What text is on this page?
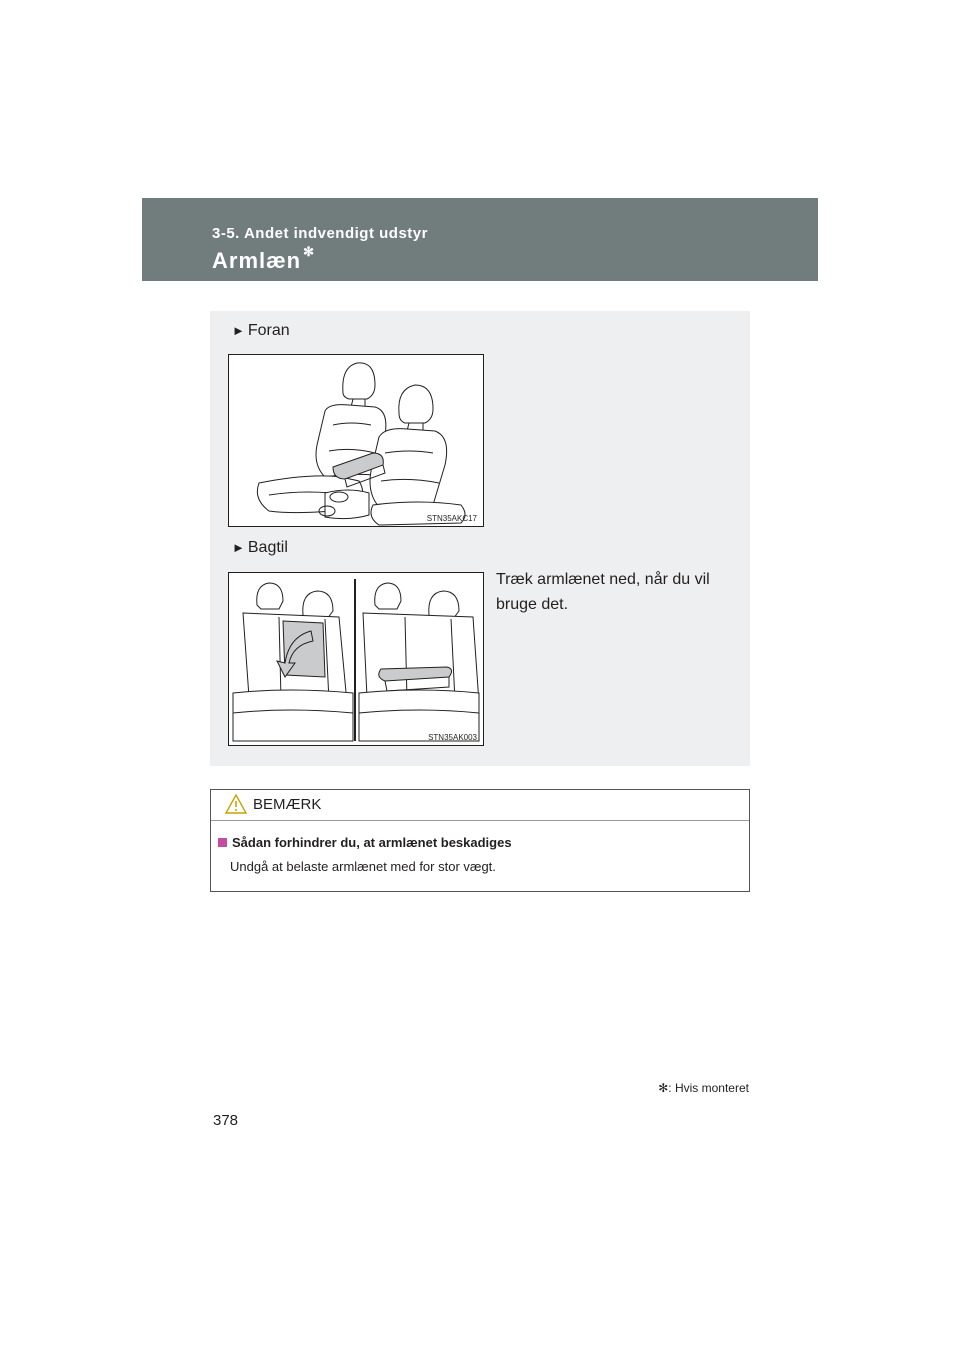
3-5. Andet indvendigt udstyr
Armlæn ✻
► Foran
STN35AKC17
► Bagtil
STN35AK003
Træk armlænet ned, når du vil bruge det.
BEMÆRK
Sådan forhindrer du, at armlænet beskadiges
Undgå at belaste armlænet med for stor vægt.
✻: Hvis monteret
378
